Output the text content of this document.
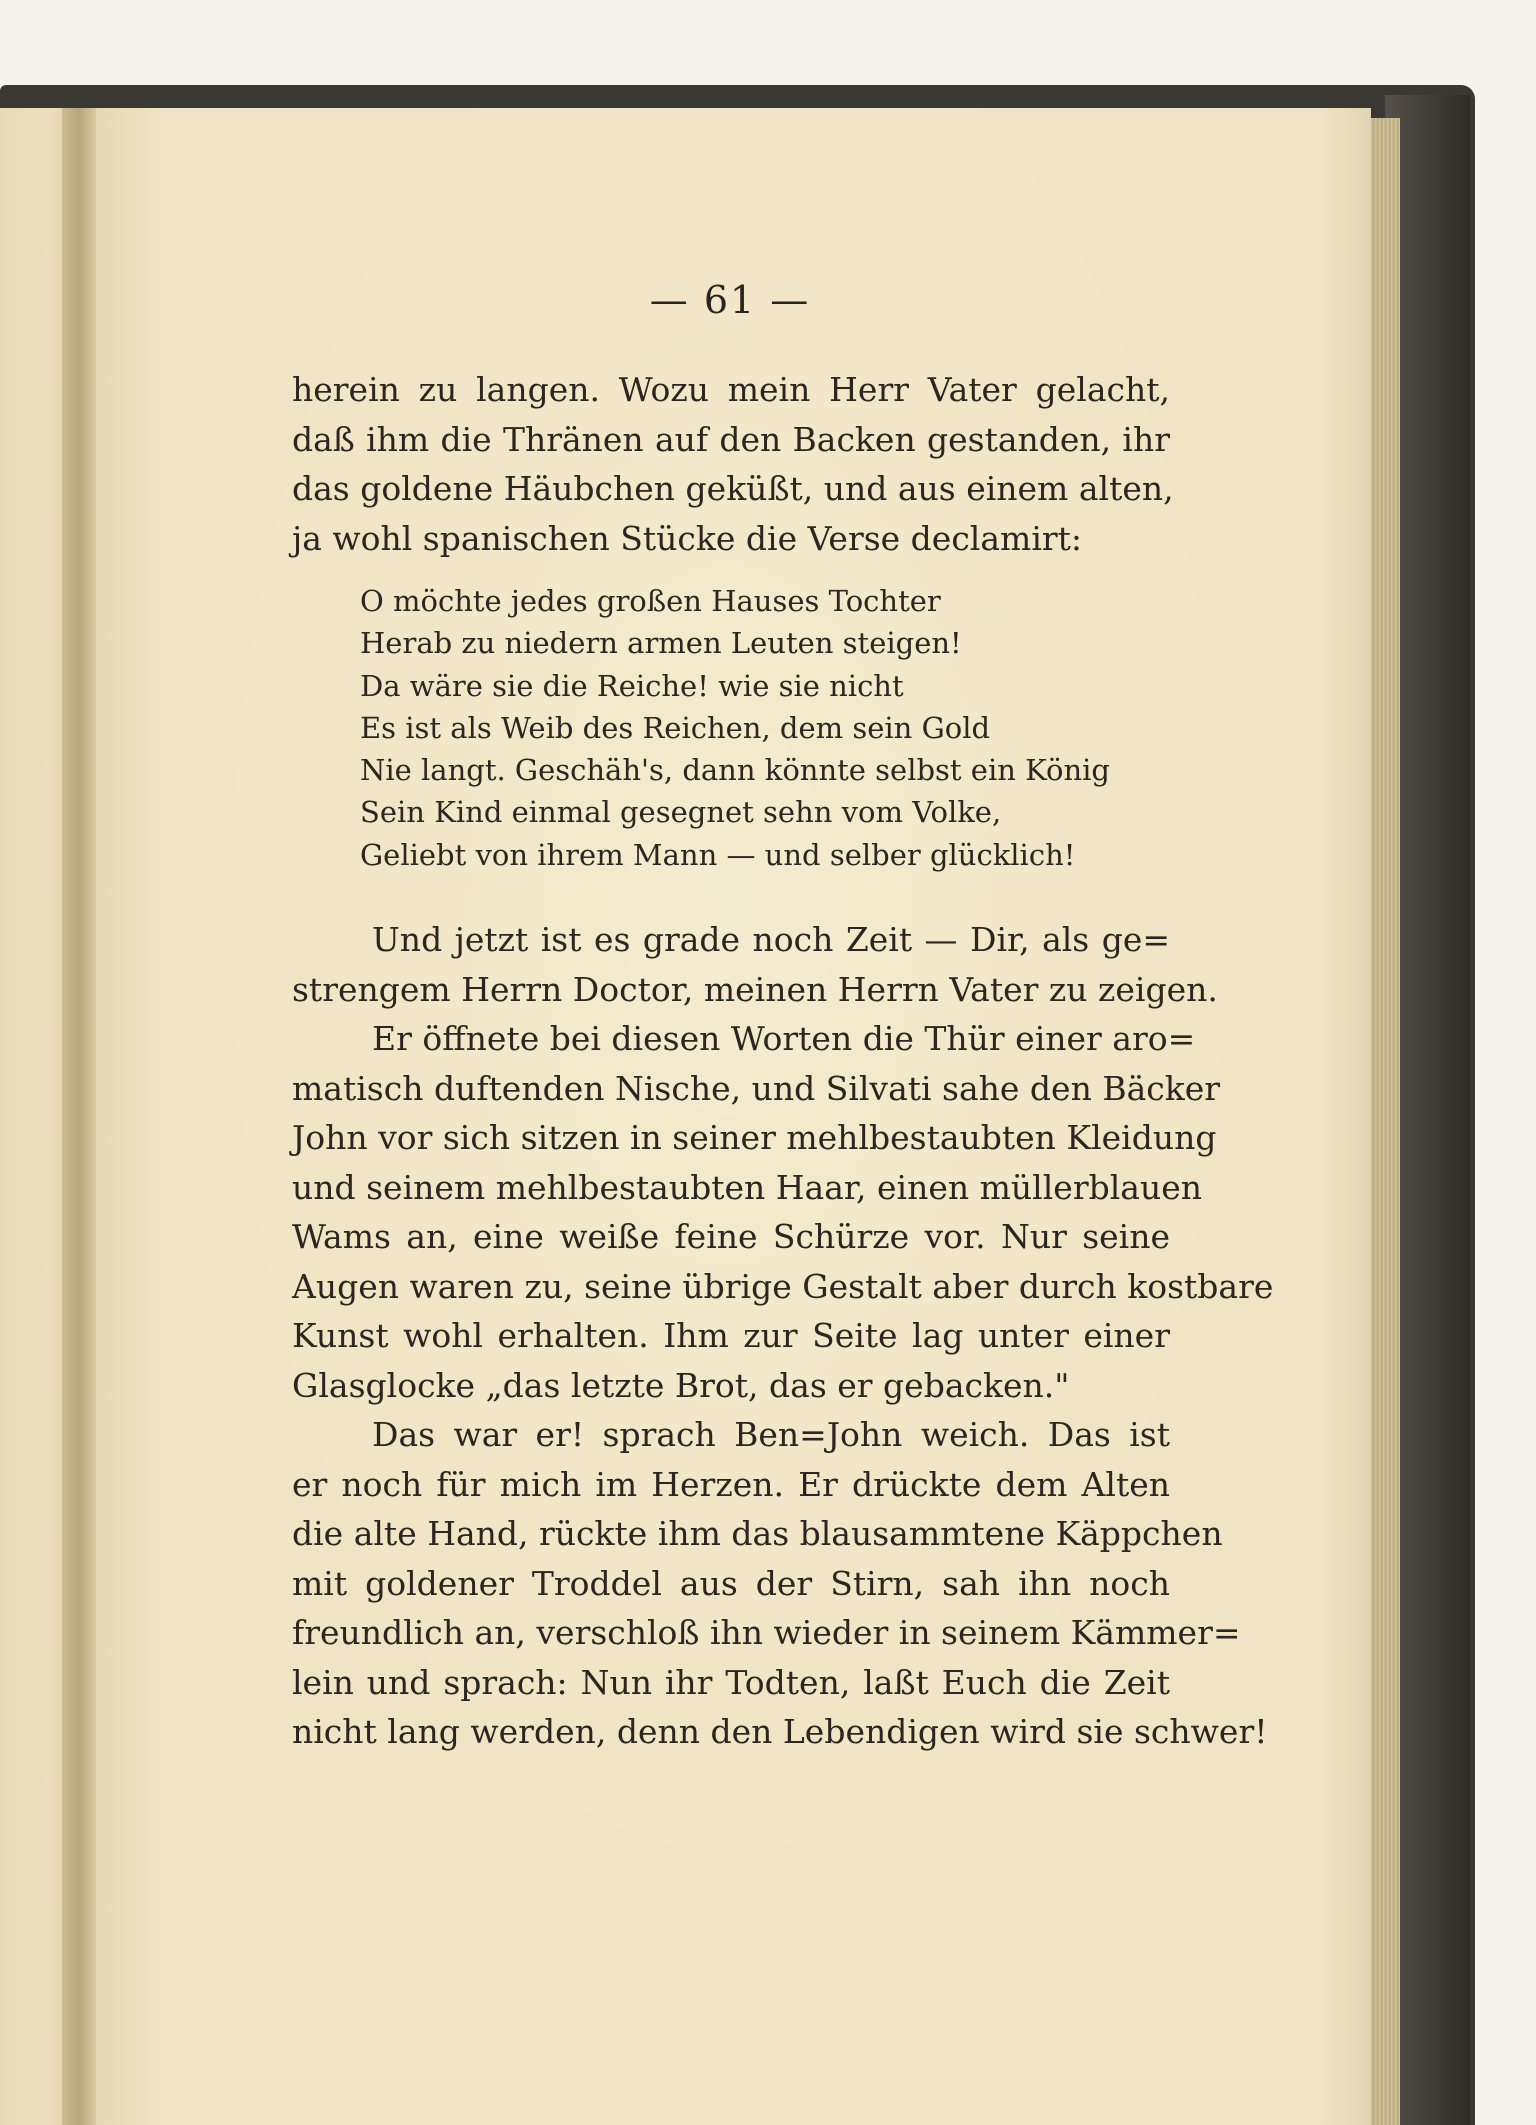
— 61 —
herein zu langen. Wozu mein Herr Vater gelacht,
daß ihm die Thränen auf den Backen gestanden, ihr
das goldene Häubchen geküßt, und aus einem alten,
ja wohl spanischen Stücke die Verse declamirt:
O möchte jedes großen Hauses Tochter
Herab zu niedern armen Leuten steigen!
Da wäre sie die Reiche! wie sie nicht
Es ist als Weib des Reichen, dem sein Gold
Nie langt. Geschäh's, dann könnte selbst ein König
Sein Kind einmal gesegnet sehn vom Volke,
Geliebt von ihrem Mann — und selber glücklich!
Und jetzt ist es grade noch Zeit — Dir, als ge=
strengem Herrn Doctor, meinen Herrn Vater zu zeigen.
Er öffnete bei diesen Worten die Thür einer aro=
matisch duftenden Nische, und Silvati sahe den Bäcker
John vor sich sitzen in seiner mehlbestaubten Kleidung
und seinem mehlbestaubten Haar, einen müllerblauen
Wams an, eine weiße feine Schürze vor. Nur seine
Augen waren zu, seine übrige Gestalt aber durch kostbare
Kunst wohl erhalten. Ihm zur Seite lag unter einer
Glasglocke „das letzte Brot, das er gebacken."
Das war er! sprach Ben=John weich. Das ist
er noch für mich im Herzen. Er drückte dem Alten
die alte Hand, rückte ihm das blausammtene Käppchen
mit goldener Troddel aus der Stirn, sah ihn noch
freundlich an, verschloß ihn wieder in seinem Kämmer=
lein und sprach: Nun ihr Todten, laßt Euch die Zeit
nicht lang werden, denn den Lebendigen wird sie schwer!
